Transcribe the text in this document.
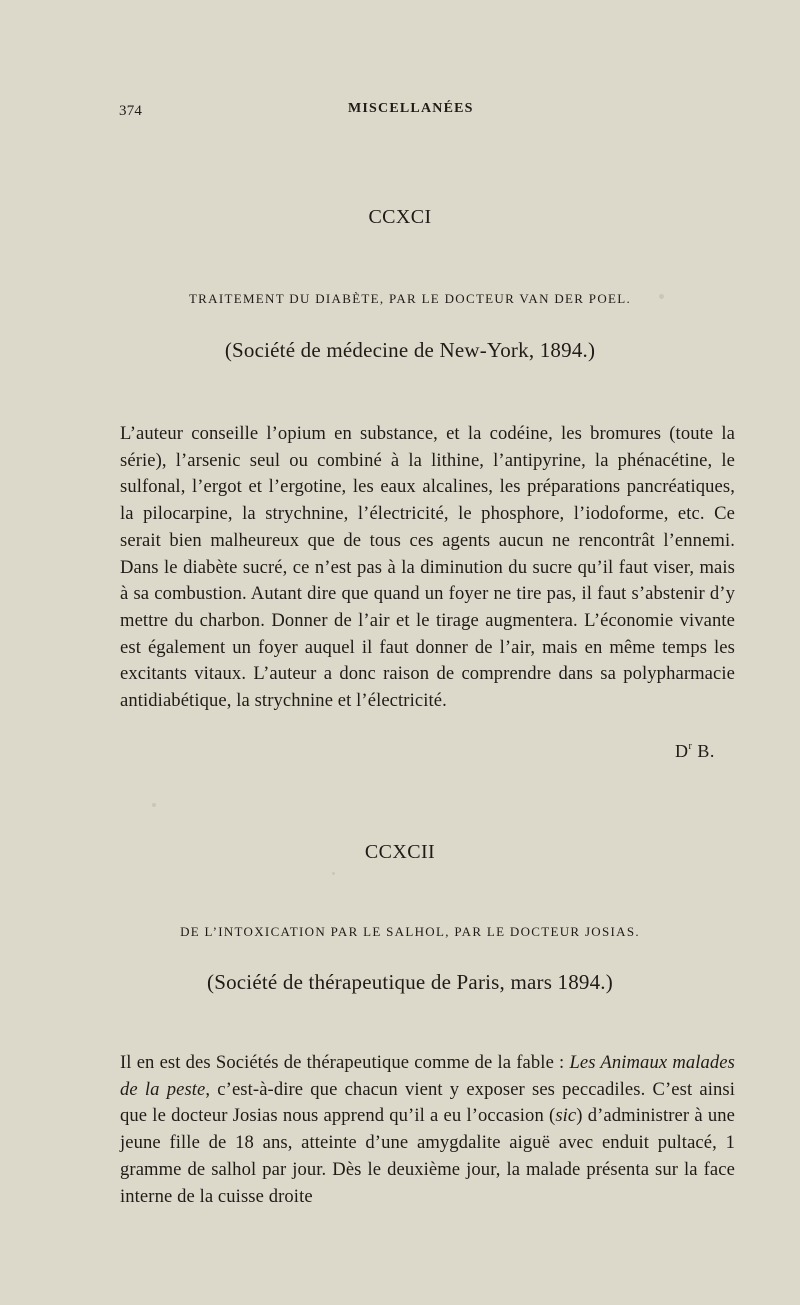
374	MISCELLANÉES
CCXCI
TRAITEMENT DU DIABÈTE, PAR LE DOCTEUR VAN DER POEL.
(Société de médecine de New-York, 1894.)

L’auteur conseille l’opium en substance, et la codéine, les bromures (toute la série), l’arsenic seul ou combiné à la lithine, l’antipyrine, la phénacétine, le sulfonal, l’ergot et l’ergotine, les eaux alcalines, les préparations pancréatiques, la pilocarpine, la strychnine, l’électricité, le phosphore, l’iodoforme, etc. Ce serait bien malheureux que de tous ces agents aucun ne rencontrât l’ennemi. Dans le diabète sucré, ce n’est pas à la diminution du sucre qu’il faut viser, mais à sa combustion. Autant dire que quand un foyer ne tire pas, il faut s’abstenir d’y mettre du charbon. Donner de l’air et le tirage augmentera. L’économie vivante est également un foyer auquel il faut donner de l’air, mais en même temps les excitants vitaux. L’auteur a donc raison de comprendre dans sa polypharmacie antidiabétique, la strychnine et l’électricité.

$D^r$ B.
CCXCII
DE L’INTOXICATION PAR LE SALHOL, PAR LE DOCTEUR JOSIAS.
(Société de thérapeutique de Paris, mars 1894.)

Il en est des Sociétés de thérapeutique comme de la fable : Les Animaux malades de la peste, c’est-à-dire que chacun vient y exposer ses peccadiles. C’est ainsi que le docteur Josias nous apprend qu’il a eu l’occasion (sic) d’administrer à une jeune fille de 18 ans, atteinte d’une amygdalite aiguë avec enduit pultacé, 1 gramme de salhol par jour. Dès le deuxième jour, la malade présenta sur la face interne de la cuisse droite
